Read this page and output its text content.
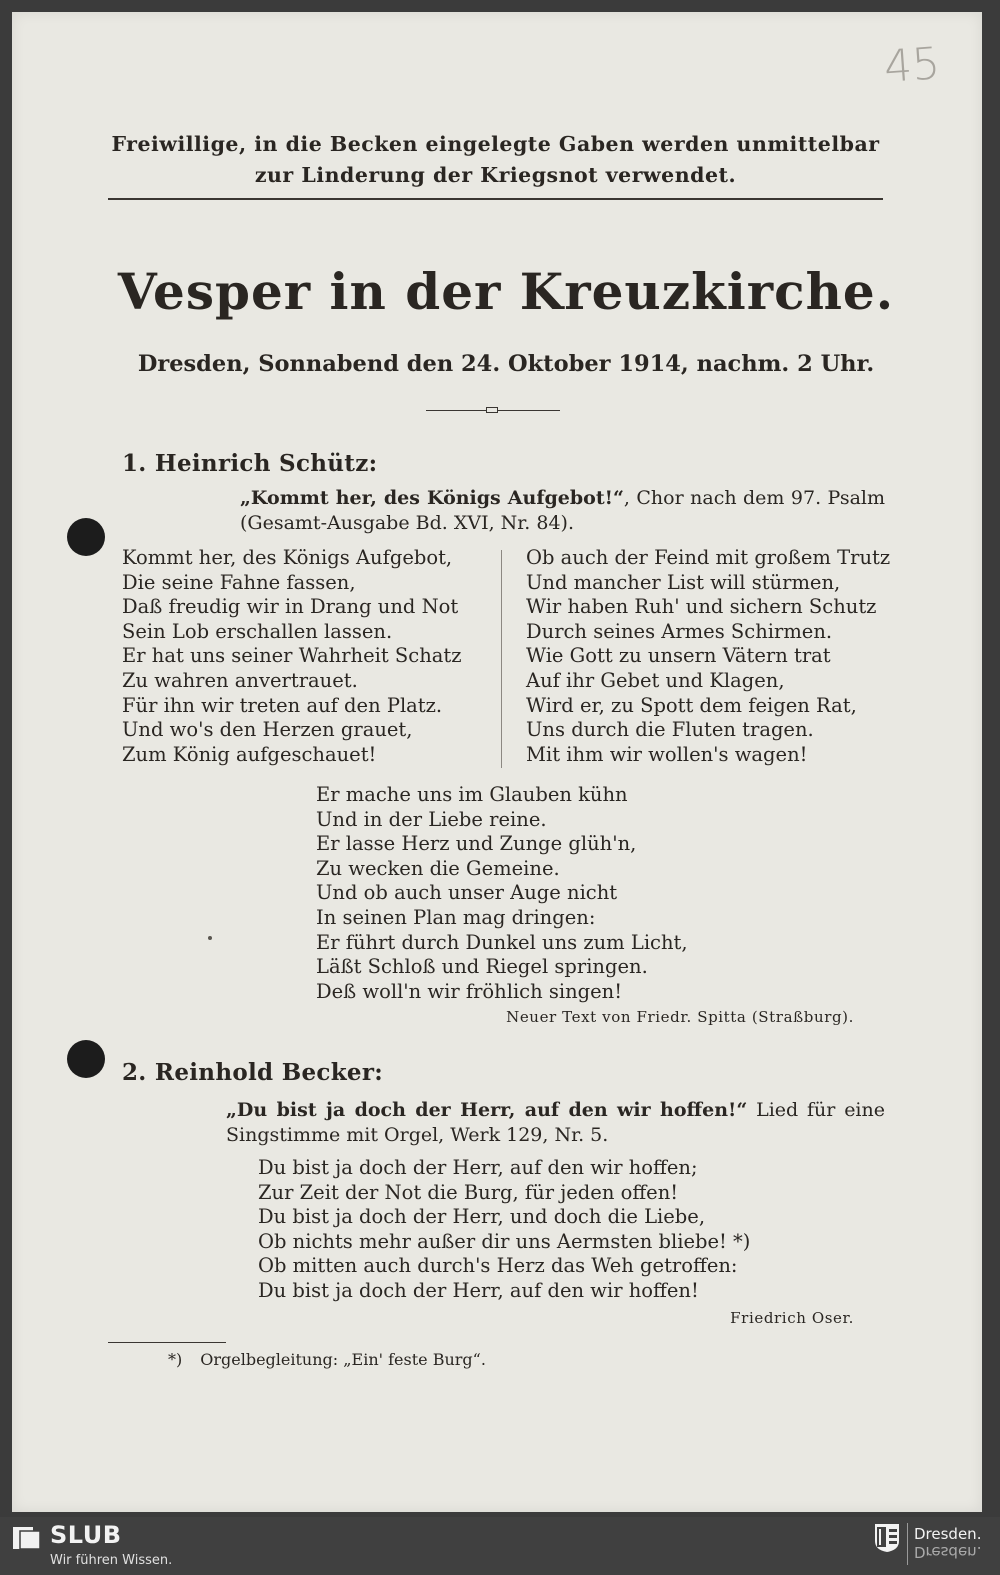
45
Freiwillige, in die Becken eingelegte Gaben werden unmittelbar
zur Linderung der Kriegsnot verwendet.
Vesper in der Kreuzkirche.
Dresden, Sonnabend den 24. Oktober 1914, nachm. 2 Uhr.
1. Heinrich Schütz:
„Kommt her, des Königs Aufgebot!“, Chor nach dem 97. Psalm (Gesamt-Ausgabe Bd. XVI, Nr. 84).
Kommt her, des Königs Aufgebot,
Die seine Fahne fassen,
Daß freudig wir in Drang und Not
Sein Lob erschallen lassen.
Er hat uns seiner Wahrheit Schatz
Zu wahren anvertrauet.
Für ihn wir treten auf den Platz.
Und wo's den Herzen grauet,
Zum König aufgeschauet!
Ob auch der Feind mit großem Trutz
Und mancher List will stürmen,
Wir haben Ruh' und sichern Schutz
Durch seines Armes Schirmen.
Wie Gott zu unsern Vätern trat
Auf ihr Gebet und Klagen,
Wird er, zu Spott dem feigen Rat,
Uns durch die Fluten tragen.
Mit ihm wir wollen's wagen!
Er mache uns im Glauben kühn
Und in der Liebe reine.
Er lasse Herz und Zunge glüh'n,
Zu wecken die Gemeine.
Und ob auch unser Auge nicht
In seinen Plan mag dringen:
Er führt durch Dunkel uns zum Licht,
Läßt Schloß und Riegel springen.
Deß woll'n wir fröhlich singen!
Neuer Text von Friedr. Spitta (Straßburg).
2. Reinhold Becker:
„Du bist ja doch der Herr, auf den wir hoffen!“ Lied für eine Singstimme mit Orgel, Werk 129, Nr. 5.
Du bist ja doch der Herr, auf den wir hoffen;
Zur Zeit der Not die Burg, für jeden offen!
Du bist ja doch der Herr, und doch die Liebe,
Ob nichts mehr außer dir uns Aermsten bliebe! *)
Ob mitten auch durch's Herz das Weh getroffen:
Du bist ja doch der Herr, auf den wir hoffen!
Friedrich Oser.
*) Orgelbegleitung: „Ein' feste Burg“.
SLUB
Wir führen Wissen.
Dresden.
Dresden.
